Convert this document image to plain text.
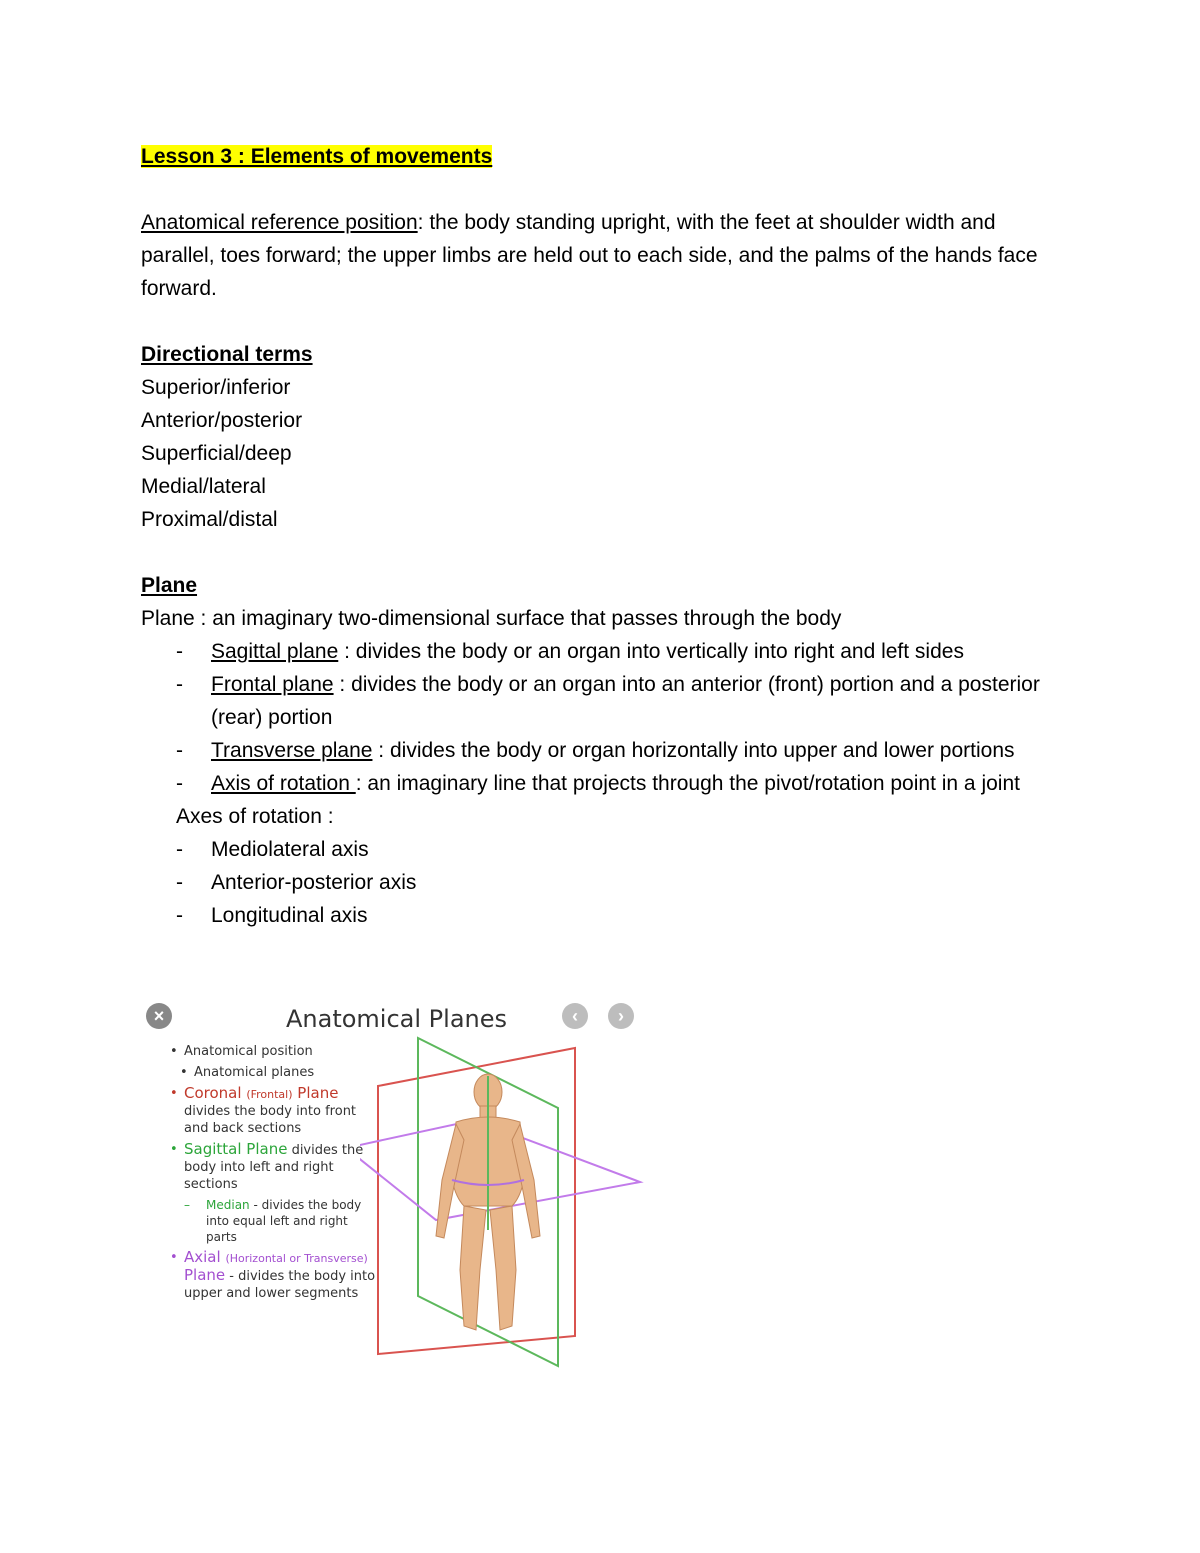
Lesson 3 : Elements of movements

Anatomical reference position: the body standing upright, with the feet at shoulder width and parallel, toes forward; the upper limbs are held out to each side, and the palms of the hands face forward.

Directional terms

Superior/inferior

Anterior/posterior

Superficial/deep

Medial/lateral

Proximal/distal

Plane

Plane : an imaginary two-dimensional surface that passes through the body

- Sagittal plane : divides the body or an organ into vertically into right and left sides
- Frontal plane : divides the body or an organ into an anterior (front) portion and a posterior (rear) portion
- Transverse plane : divides the body or organ horizontally into upper and lower portions
- Axis of rotation : an imaginary line that projects through the pivot/rotation point in a joint

Axes of rotation :

- Mediolateral axis
- Anterior-posterior axis
- Longitudinal axis
×	Anatomical Planes	‹	›
• Anatomical position
• Anatomical planes
• Coronal (Frontal) Plane
divides the body into front and back sections
• Sagittal Plane divides the body into left and right sections
– Median - divides the body into equal left and right parts
• Axial (Horizontal or Transverse) Plane - divides the body into upper and lower segments
